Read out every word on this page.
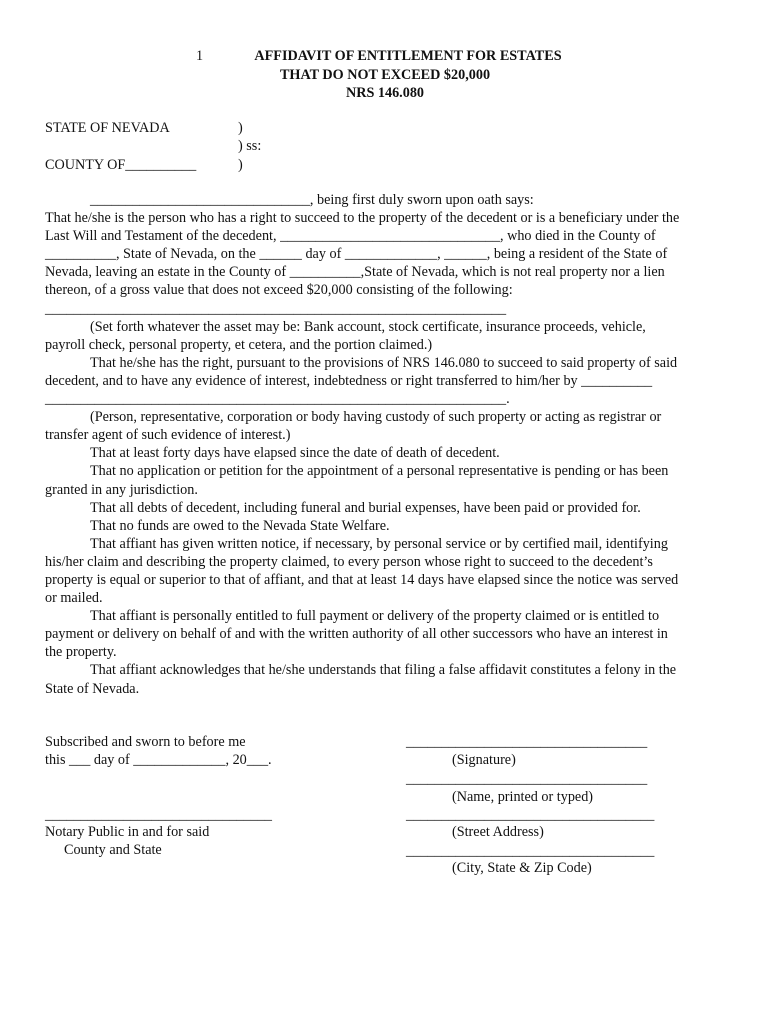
1	AFFIDAVIT OF ENTITLEMENT FOR ESTATES
THAT DO NOT EXCEED $20,000
NRS 146.080
STATE OF NEVADA	)
) ss:
COUNTY OF__________	)
_______________________________, being first duly sworn upon oath says:
That he/she is the person who has a right to succeed to the property of the decedent or is a beneficiary under the
Last Will and Testament of the decedent, _______________________________, who died in the County of
__________, State of Nevada, on the ______ day of _____________, ______, being a resident of the State of
Nevada, leaving an estate in the County of __________,State of Nevada, which is not real property nor a lien
thereon, of a gross value that does not exceed $20,000 consisting of the following:
_________________________________________________________________
(Set forth whatever the asset may be: Bank account, stock certificate, insurance proceeds, vehicle,
payroll check, personal property, et cetera, and the portion claimed.)
That he/she has the right, pursuant to the provisions of NRS 146.080 to succeed to said property of said
decedent, and to have any evidence of interest, indebtedness or right transferred to him/her by __________
_________________________________________________________________.
(Person, representative, corporation or body having custody of such property or acting as registrar or
transfer agent of such evidence of interest.)
That at least forty days have elapsed since the date of death of decedent.
That no application or petition for the appointment of a personal representative is pending or has been
granted in any jurisdiction.
That all debts of decedent, including funeral and burial expenses, have been paid or provided for.
That no funds are owed to the Nevada State Welfare.
That affiant has given written notice, if necessary, by personal service or by certified mail, identifying
his/her claim and describing the property claimed, to every person whose right to succeed to the decedent’s
property is equal or superior to that of affiant, and that at least 14 days have elapsed since the notice was served
or mailed.
That affiant is personally entitled to full payment or delivery of the property claimed or is entitled to
payment or delivery on behalf of and with the written authority of all other successors who have an interest in
the property.
That affiant acknowledges that he/she understands that filing a false affidavit constitutes a felony in the
State of Nevada.
Subscribed and sworn to before me
this ___ day of _____________, 20___.
________________________________
Notary Public in and for said
County and State
__________________________________
(Signature)
__________________________________
(Name, printed or typed)
___________________________________
(Street Address)
___________________________________
(City, State & Zip Code)
